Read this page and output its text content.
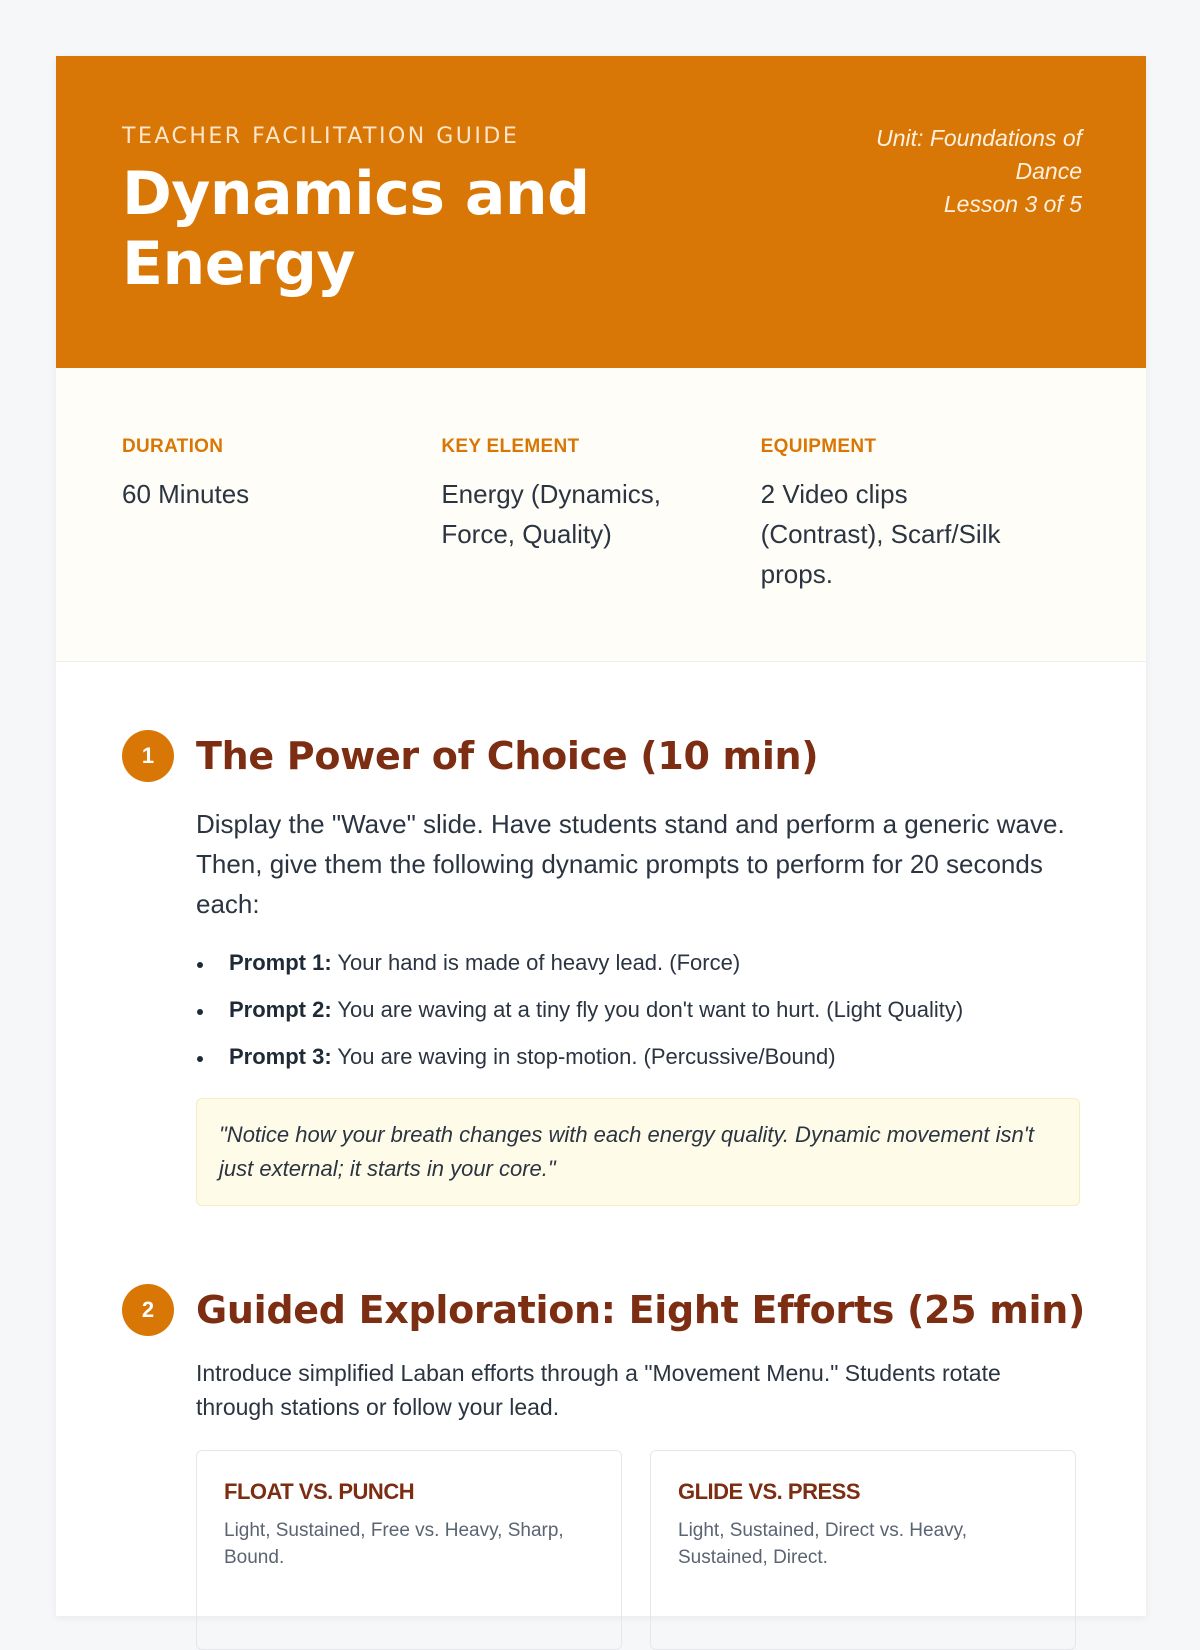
TEACHER FACILITATION GUIDE
Dynamics and Energy
Unit: Foundations of Dance
Lesson 3 of 5
DURATION
60 Minutes
KEY ELEMENT
Energy (Dynamics, Force, Quality)
EQUIPMENT
2 Video clips (Contrast), Scarf/Silk props.
1	The Power of Choice (10 min)

Display the "Wave" slide. Have students stand and perform a generic wave. Then, give them the following dynamic prompts to perform for 20 seconds each:

Prompt 1: Your hand is made of heavy lead. (Force)
Prompt 2: You are waving at a tiny fly you don't want to hurt. (Light Quality)
Prompt 3: You are waving in stop-motion. (Percussive/Bound)
"Notice how your breath changes with each energy quality. Dynamic movement isn't just external; it starts in your core."
2	Guided Exploration: Eight Efforts (25 min)

Introduce simplified Laban efforts through a "Movement Menu." Students rotate through stations or follow your lead.

FLOAT VS. PUNCH
Light, Sustained, Free vs. Heavy, Sharp, Bound.
GLIDE VS. PRESS
Light, Sustained, Direct vs. Heavy, Sustained, Direct.
